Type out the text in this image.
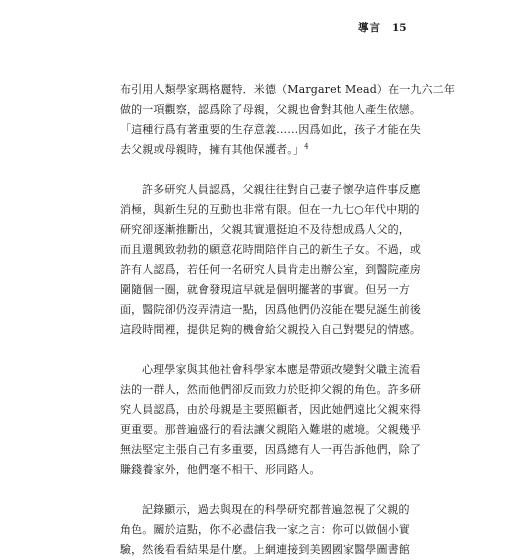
導言 15

布引用人類學家瑪格麗特．米德（Margaret Mead）在一九六二年
做的一項觀察，認爲除了母親，父親也會對其他人產生依戀。
「這種行爲有著重要的生存意義……因爲如此，孩子才能在失
去父親或母親時，擁有其他保護者。」$^4$

許多研究人員認爲，父親往往對自己妻子懷孕這件事反應
消極，與新生兒的互動也非常有限。但在一九七○年代中期的
研究卻逐漸推斷出，父親其實還挺迫不及待想成爲人父的，
而且還興致勃勃的願意花時間陪伴自己的新生子女。不過，或
許有人認爲，若任何一名研究人員肯走出辦公室，到醫院產房
圍隨個一圈，就會發現這早就是個明擺著的事實。但另一方
面，醫院卻仍沒弄清這一點，因爲他們仍沒能在嬰兒誕生前後
這段時間裡，提供足夠的機會給父親投入自己對嬰兒的情感。

心理學家與其他社會科學家本應是帶頭改變對父職主流看
法的一群人，然而他們卻反而致力於貶抑父親的角色。許多研
究人員認爲，由於母親是主要照顧者，因此她們遠比父親來得
更重要。那普遍盛行的看法讓父親陷入難堪的處境。父親幾乎
無法堅定主張自己有多重要，因爲總有人一再告訴他們，除了
賺錢養家外，他們毫不相干、形同路人。

記錄顯示，過去與現在的科學研究都普遍忽視了父親的
角色。關於這點，你不必盡信我一家之言：你可以做個小實
驗，然後看看結果是什麼。上網連接到美國國家醫學圖書館
